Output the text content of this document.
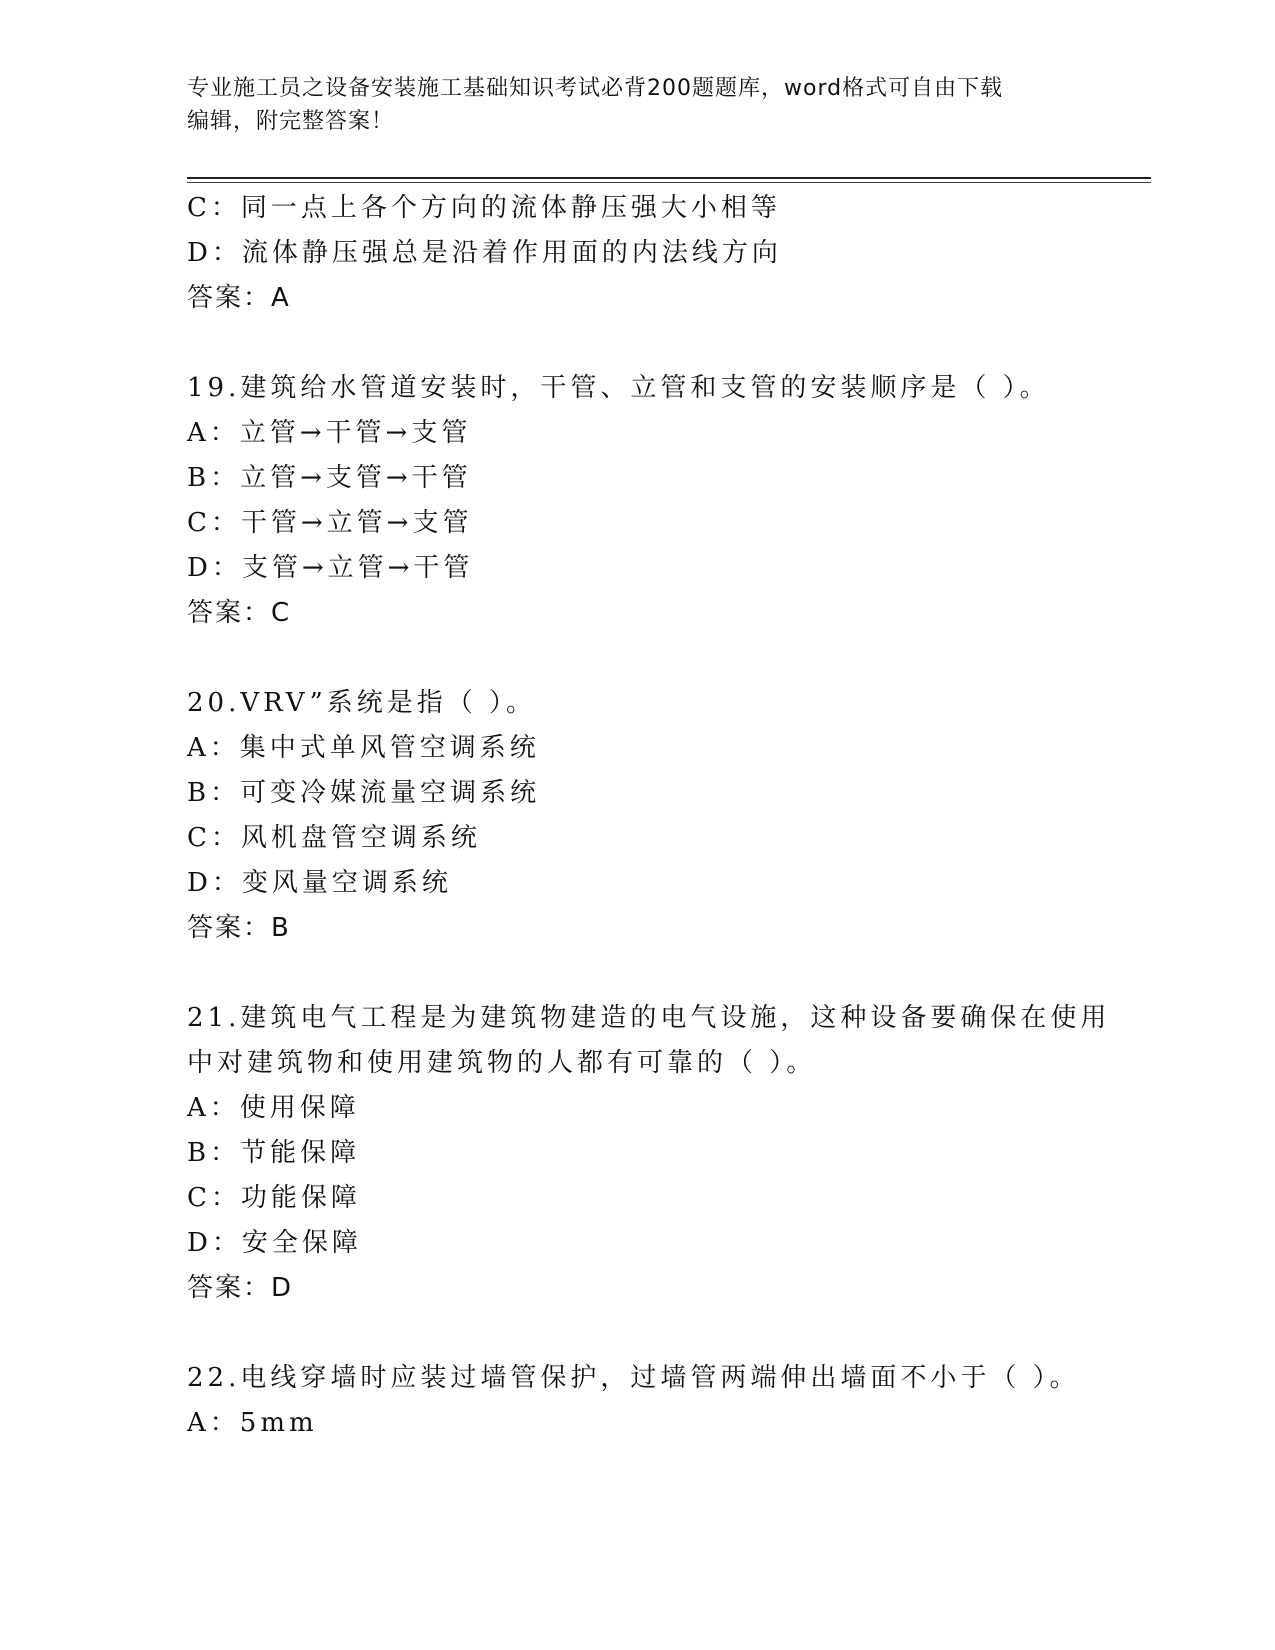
专业施工员之设备安装施工基础知识考试必背200题题库，word格式可自由下载
编辑，附完整答案！
C：同一点上各个方向的流体静压强大小相等
D：流体静压强总是沿着作用面的内法线方向
答案：A
19.建筑给水管道安装时，干管、立管和支管的安装顺序是（ ）。
A：立管→干管→支管
B：立管→支管→干管
C：干管→立管→支管
D：支管→立管→干管
答案：C
20.VRV”系统是指（ ）。
A：集中式单风管空调系统
B：可变冷媒流量空调系统
C：风机盘管空调系统
D：变风量空调系统
答案：B
21.建筑电气工程是为建筑物建造的电气设施，这种设备要确保在使用
中对建筑物和使用建筑物的人都有可靠的（ ）。
A：使用保障
B：节能保障
C：功能保障
D：安全保障
答案：D
22.电线穿墙时应装过墙管保护，过墙管两端伸出墙面不小于（ ）。
A：5mm
